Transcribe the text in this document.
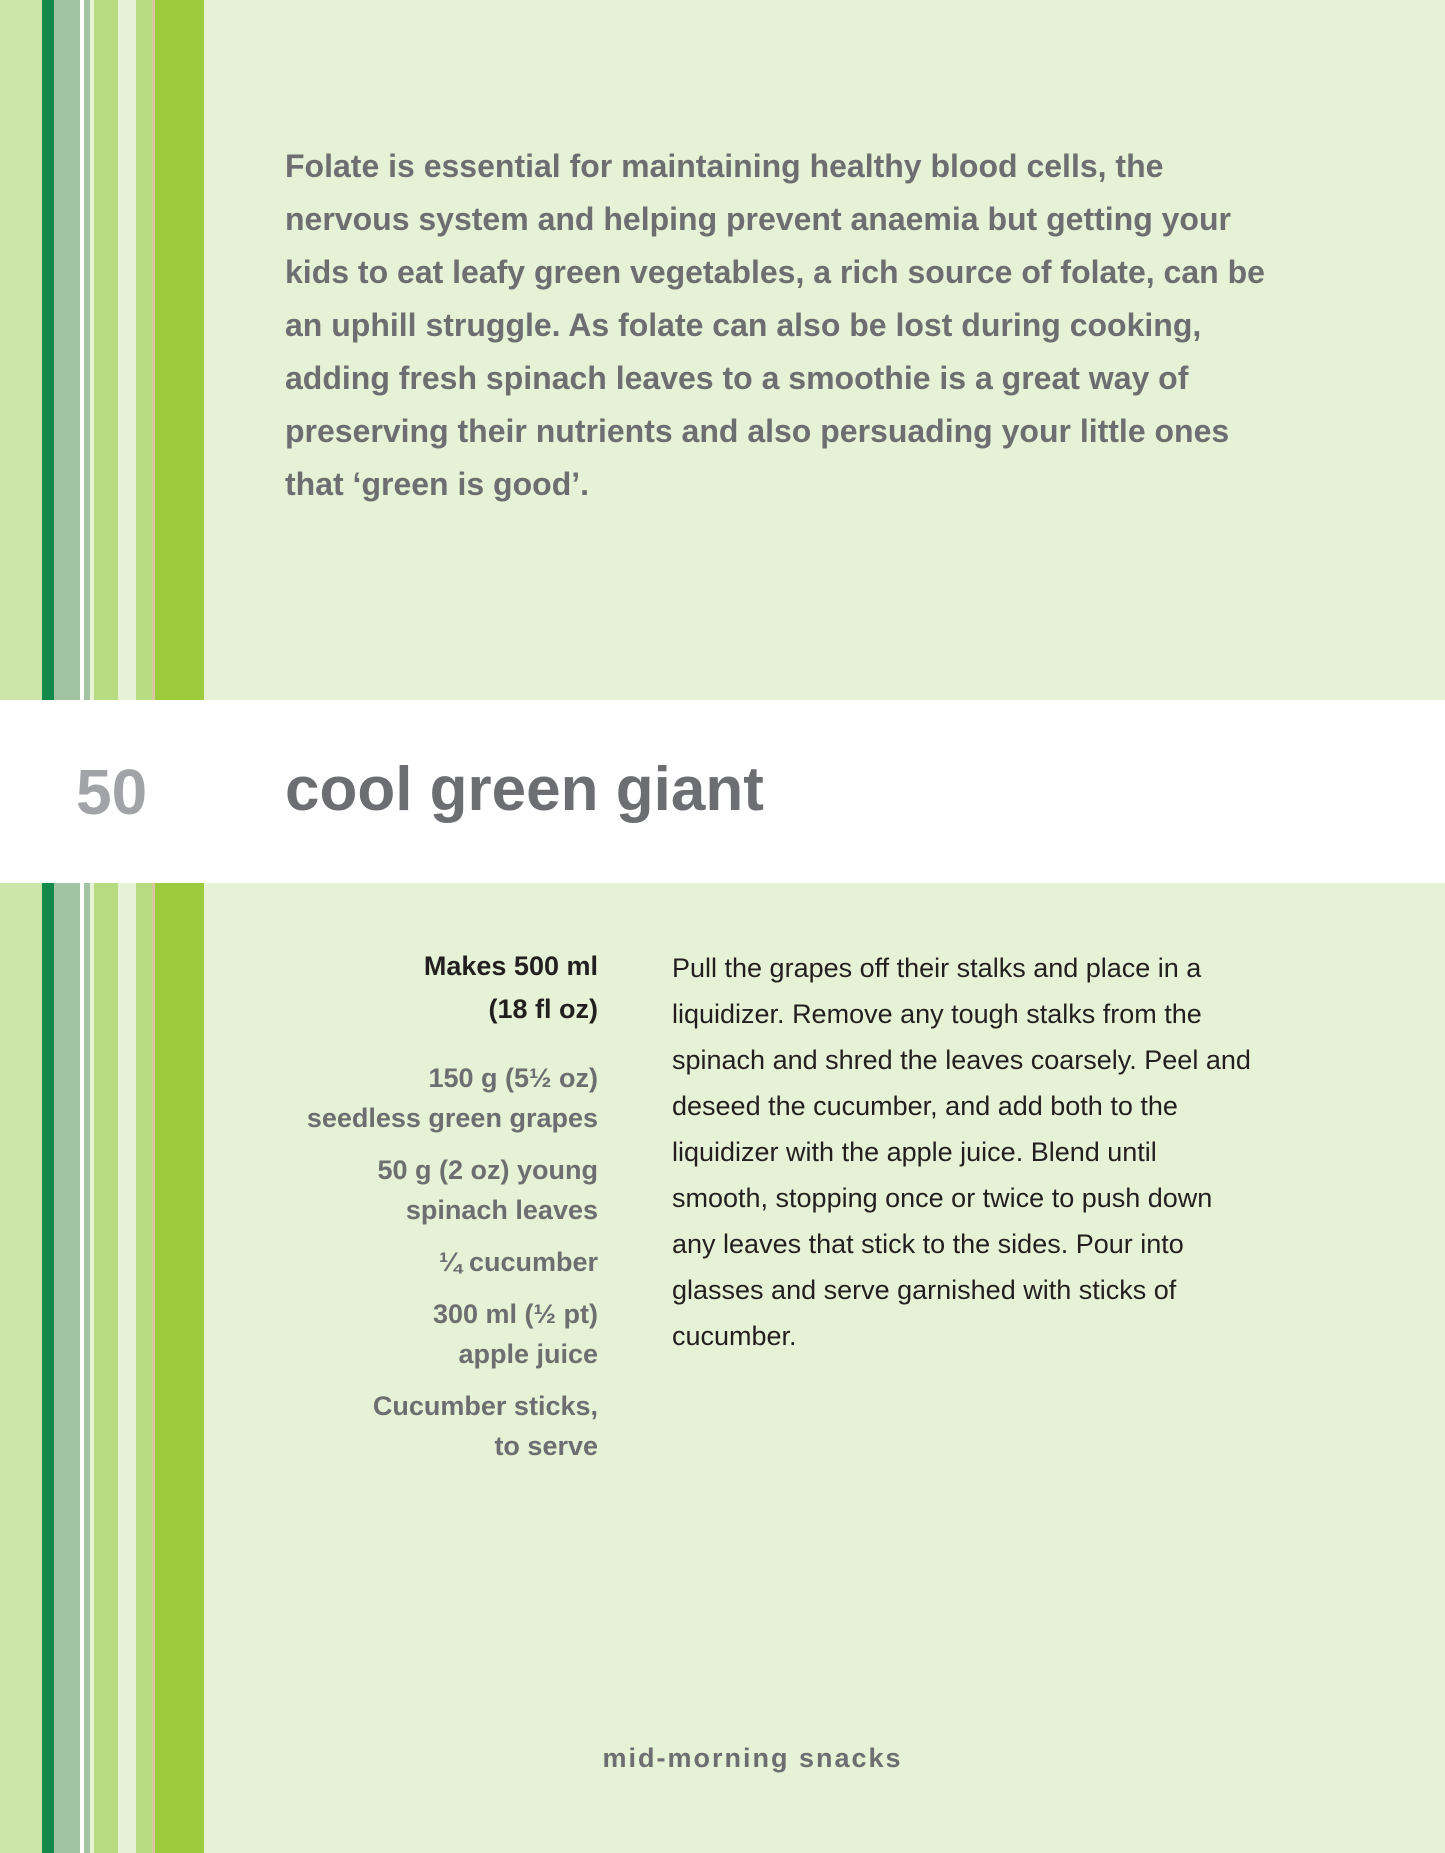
Folate is essential for maintaining healthy blood cells, the nervous system and helping prevent anaemia but getting your kids to eat leafy green vegetables, a rich source of folate, can be an uphill struggle. As folate can also be lost during cooking, adding fresh spinach leaves to a smoothie is a great way of preserving their nutrients and also persuading your little ones that ‘green is good’.

50 cool green giant
Makes 500 ml
(18 fl oz)
150 g (5½ oz)
seedless green grapes
50 g (2 oz) young
spinach leaves
¼ cucumber
300 ml (½ pt)
apple juice
Cucumber sticks,
to serve

Pull the grapes off their stalks and place in a liquidizer. Remove any tough stalks from the spinach and shred the leaves coarsely. Peel and deseed the cucumber, and add both to the liquidizer with the apple juice. Blend until smooth, stopping once or twice to push down any leaves that stick to the sides. Pour into glasses and serve garnished with sticks of cucumber.

mid-morning snacks
